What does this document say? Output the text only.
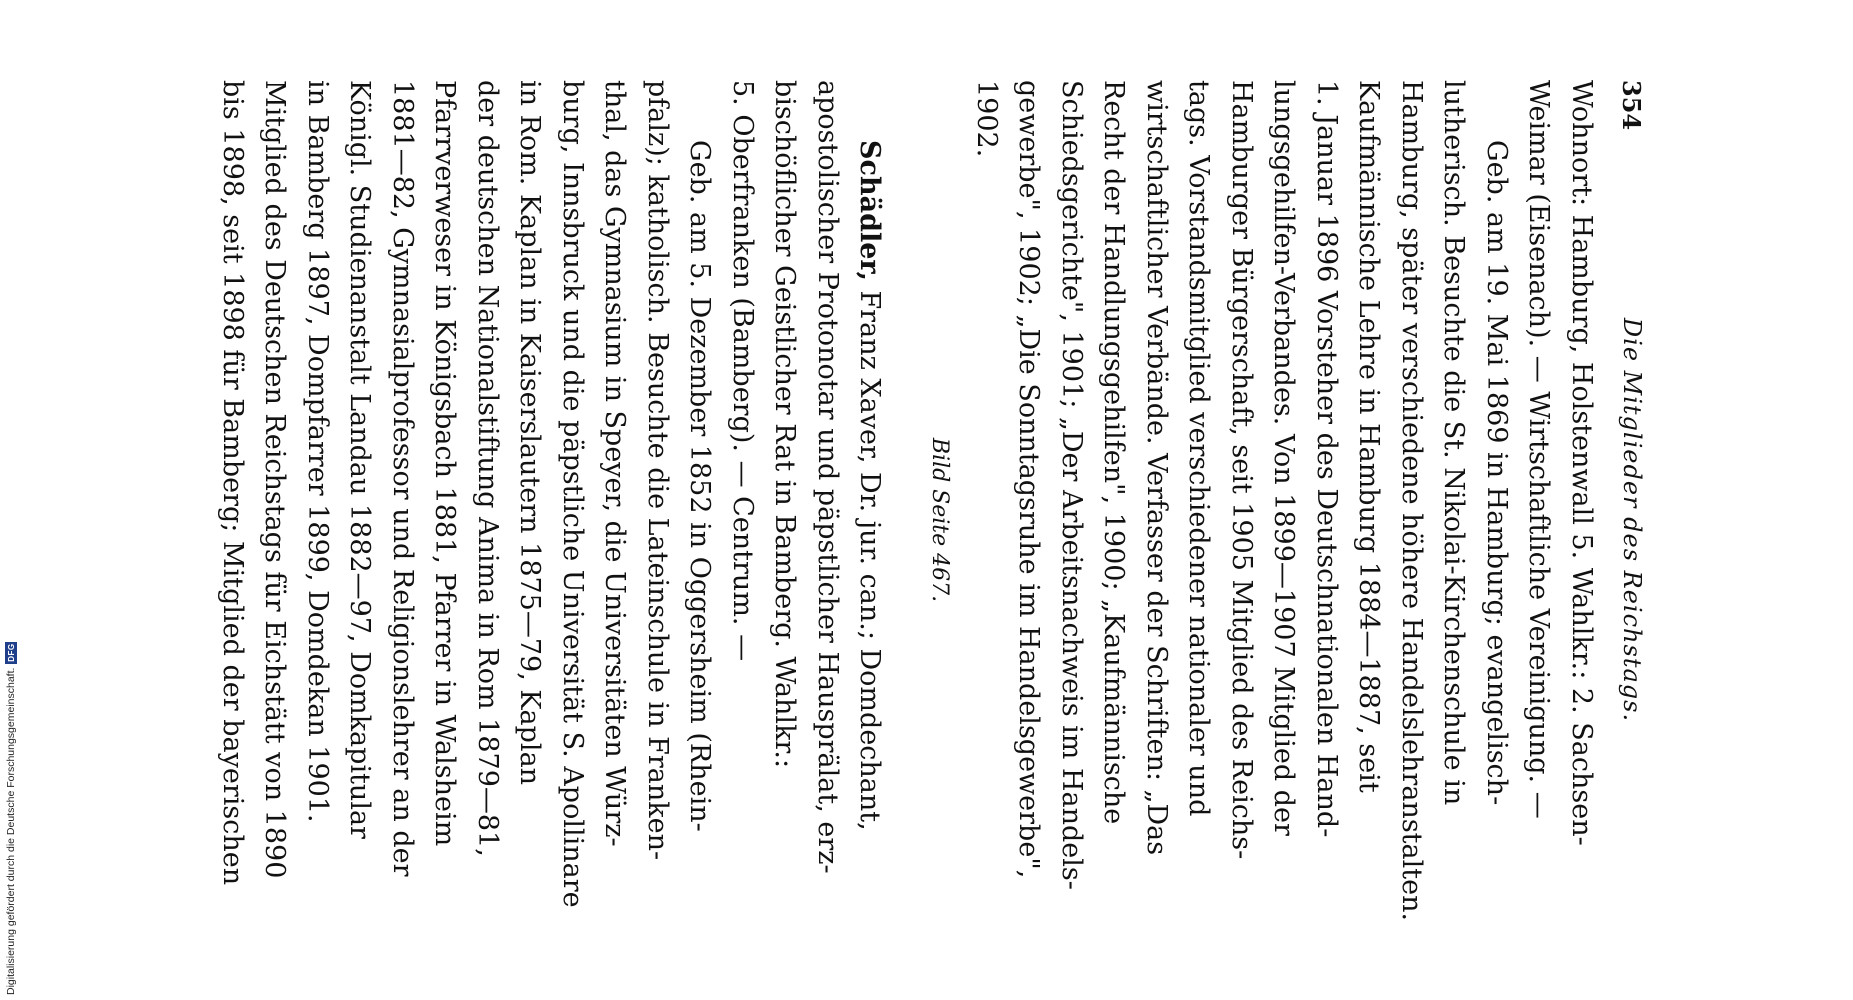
Digitalisierung gefördert durch die Deutsche Forschungsgemeinschaft.
DFG
354
Die Mitglieder des Reichstags.
Wohnort: Hamburg, Holstenwall 5. Wahlkr.: 2. Sachsen-
Weimar (Eisenach). — Wirtschaftliche Vereinigung. —
Geb. am 19. Mai 1869 in Hamburg; evangelisch-
lutherisch. Besuchte die St. Nikolai-Kirchenschule in
Hamburg, später verschiedene höhere Handelslehranstalten.
Kaufmännische Lehre in Hamburg 1884—1887, seit
1. Januar 1896 Vorsteher des Deutschnationalen Hand-
lungsgehilfen-Verbandes. Von 1899—1907 Mitglied der
Hamburger Bürgerschaft, seit 1905 Mitglied des Reichs-
tags. Vorstandsmitglied verschiedener nationaler und
wirtschaftlicher Verbände. Verfasser der Schriften: „Das
Recht der Handlungsgehilfen", 1900; „Kaufmännische
Schiedsgerichte", 1901; „Der Arbeitsnachweis im Handels-
gewerbe", 1902; „Die Sonntagsruhe im Handelsgewerbe",
1902.
Bild Seite 467.
Schädler, Franz Xaver, Dr. jur. can.; Domdechant,
apostolischer Protonotar und päpstlicher Hausprälat, erz-
bischöflicher Geistlicher Rat in Bamberg. Wahlkr.:
5. Oberfranken (Bamberg). — Centrum. —
Geb. am 5. Dezember 1852 in Oggersheim (Rhein-
pfalz); katholisch. Besuchte die Lateinschule in Franken-
thal, das Gymnasium in Speyer, die Universitäten Würz-
burg, Innsbruck und die päpstliche Universität S. Apollinare
in Rom. Kaplan in Kaiserslautern 1875—79, Kaplan
der deutschen Nationalstiftung Anima in Rom 1879—81,
Pfarrverweser in Königsbach 1881, Pfarrer in Walsheim
1881—82, Gymnasialprofessor und Religionslehrer an der
Königl. Studienanstalt Landau 1882—97, Domkapitular
in Bamberg 1897, Dompfarrer 1899, Domdekan 1901.
Mitglied des Deutschen Reichstags für Eichstätt von 1890
bis 1898, seit 1898 für Bamberg; Mitglied der bayerischen
